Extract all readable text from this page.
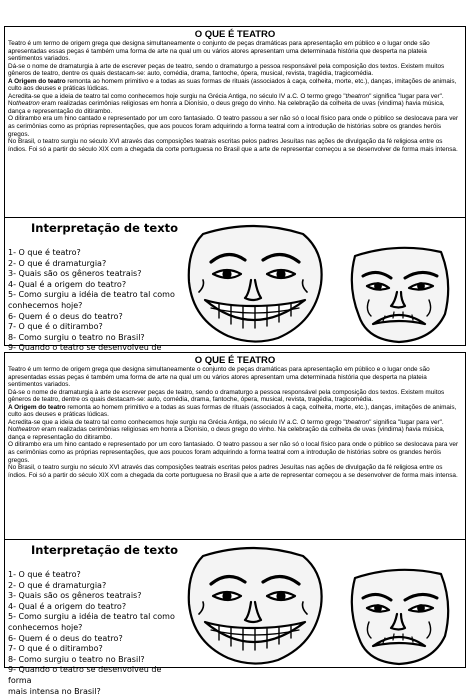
O QUE É TEATRO

Teatro é um termo de origem grega que designa simultaneamente o conjunto de peças dramáticas para apresentação em público e o lugar onde são apresentadas essas peças é também uma forma de arte na qual um ou vários atores apresentam uma determinada história que desperta na plateia sentimentos variados.

Dá-se o nome de dramaturgia à arte de escrever peças de teatro, sendo o dramaturgo a pessoa responsável pela composição dos textos. Existem muitos gêneros de teatro, dentre os quais destacam-se: auto, comédia, drama, fantoche, ópera, musical, revista, tragédia, tragicomédia.

A Origem do teatro remonta ao homem primitivo e a todas as suas formas de rituais (associados à caça, colheita, morte, etc.), danças, imitações de animais, culto aos deuses e práticas lúdicas.

Acredita-se que a ideia de teatro tal como conhecemos hoje surgiu na Grécia Antiga, no século IV a.C. O termo grego "theatron" significa "lugar para ver". Notheatron eram realizadas cerimônias religiosas em honra a Dionísio, o deus grego do vinho. Na celebração da colheita de uvas (vindima) havia música, dança e representação do ditirambo.

O ditirambo era um hino cantado e representado por um coro fantasiado. O teatro passou a ser não só o local físico para onde o público se deslocava para ver as cerimônias como as próprias representações, que aos poucos foram adquirindo a forma teatral com a introdução de histórias sobre os grandes heróis gregos.

No Brasil, o teatro surgiu no século XVI através das composições teatrais escritas pelos padres Jesuítas nas ações de divulgação da fé religiosa entre os índios. Foi só a partir do século XIX com a chegada da corte portuguesa no Brasil que a arte de representar começou a se desenvolver de forma mais intensa.

Interpretação de texto
1- O que é teatro?
2- O que é dramaturgia?
3- Quais são os gêneros teatrais?
4- Qual é a origem do teatro?
5- Como surgiu a idéia de teatro tal como
conhecemos hoje?
6- Quem é o deus do teatro?
7- O que é o ditirambo?
8- Como surgiu o teatro no Brasil?
9- Quando o teatro se desenvolveu de
O QUE É TEATRO

Teatro é um termo de origem grega que designa simultaneamente o conjunto de peças dramáticas para apresentação em público e o lugar onde são apresentadas essas peças é também uma forma de arte na qual um ou vários atores apresentam uma determinada história que desperta na plateia sentimentos variados.

Dá-se o nome de dramaturgia à arte de escrever peças de teatro, sendo o dramaturgo a pessoa responsável pela composição dos textos. Existem muitos gêneros de teatro, dentre os quais destacam-se: auto, comédia, drama, fantoche, ópera, musical, revista, tragédia, tragicomédia.

A Origem do teatro remonta ao homem primitivo e a todas as suas formas de rituais (associados à caça, colheita, morte, etc.), danças, imitações de animais, culto aos deuses e práticas lúdicas.

Acredita-se que a ideia de teatro tal como conhecemos hoje surgiu na Grécia Antiga, no século IV a.C. O termo grego "theatron" significa "lugar para ver". Notheatron eram realizadas cerimônias religiosas em honra a Dionísio, o deus grego do vinho. Na celebração da colheita de uvas (vindima) havia música, dança e representação do ditirambo.

O ditirambo era um hino cantado e representado por um coro fantasiado. O teatro passou a ser não só o local físico para onde o público se deslocava para ver as cerimônias como as próprias representações, que aos poucos foram adquirindo a forma teatral com a introdução de histórias sobre os grandes heróis gregos.

No Brasil, o teatro surgiu no século XVI através das composições teatrais escritas pelos padres Jesuítas nas ações de divulgação da fé religiosa entre os índios. Foi só a partir do século XIX com a chegada da corte portuguesa no Brasil que a arte de representar começou a se desenvolver de forma mais intensa.

Interpretação de texto
1- O que é teatro?
2- O que é dramaturgia?
3- Quais são os gêneros teatrais?
4- Qual é a origem do teatro?
5- Como surgiu a idéia de teatro tal como
conhecemos hoje?
6- Quem é o deus do teatro?
7- O que é o ditirambo?
8- Como surgiu o teatro no Brasil?
9- Quando o teatro se desenvolveu de forma
mais intensa no Brasil?
